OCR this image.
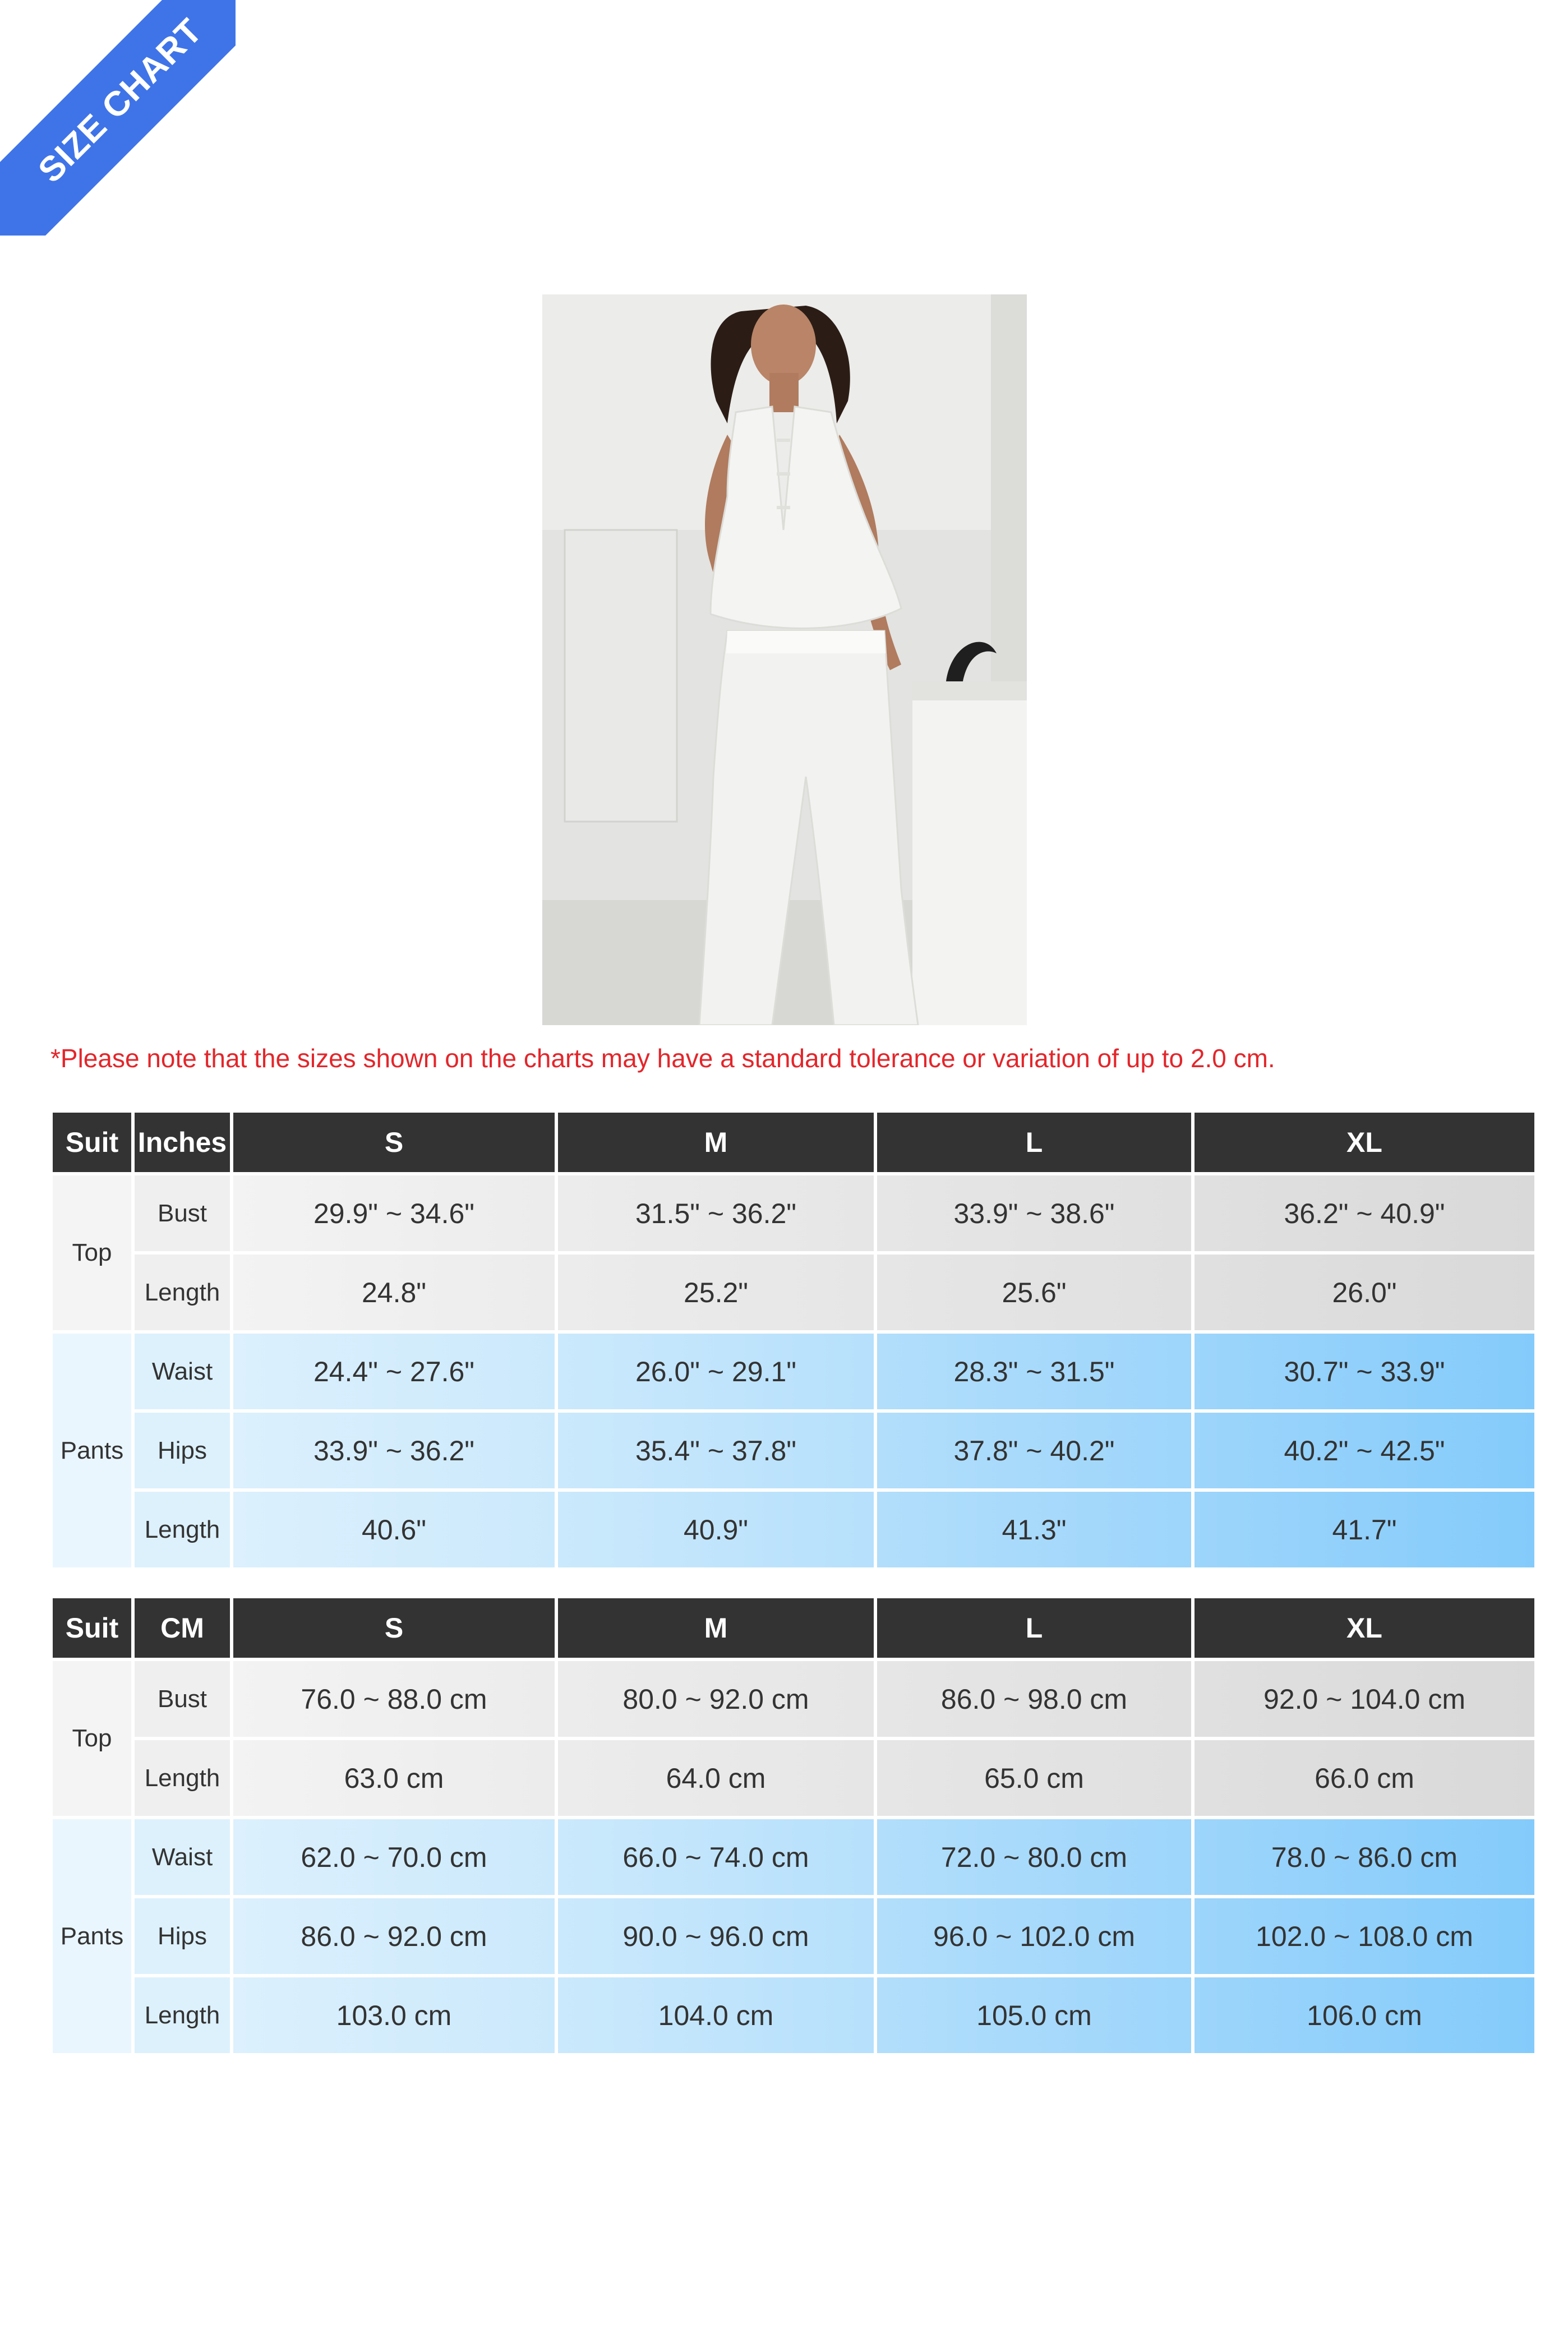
SIZE CHART
*Please note that the sizes shown on the charts may have a standard tolerance or variation of up to 2.0 cm.
Suit	Inches	S	M	L	XL
Top	Bust	29.9" ~ 34.6"	31.5" ~ 36.2"	33.9" ~ 38.6"	36.2" ~ 40.9"
	Length	24.8"	25.2"	25.6"	26.0"
Pants	Waist	24.4" ~ 27.6"	26.0" ~ 29.1"	28.3" ~ 31.5"	30.7" ~ 33.9"
	Hips	33.9" ~ 36.2"	35.4" ~ 37.8"	37.8" ~ 40.2"	40.2" ~ 42.5"
	Length	40.6"	40.9"	41.3"	41.7"
Suit	CM	S	M	L	XL
Top	Bust	76.0 ~ 88.0 cm	80.0 ~ 92.0 cm	86.0 ~ 98.0 cm	92.0 ~ 104.0 cm
	Length	63.0 cm	64.0 cm	65.0 cm	66.0 cm
Pants	Waist	62.0 ~ 70.0 cm	66.0 ~ 74.0 cm	72.0 ~ 80.0 cm	78.0 ~ 86.0 cm
	Hips	86.0 ~ 92.0 cm	90.0 ~ 96.0 cm	96.0 ~ 102.0 cm	102.0 ~ 108.0 cm
	Length	103.0 cm	104.0 cm	105.0 cm	106.0 cm
